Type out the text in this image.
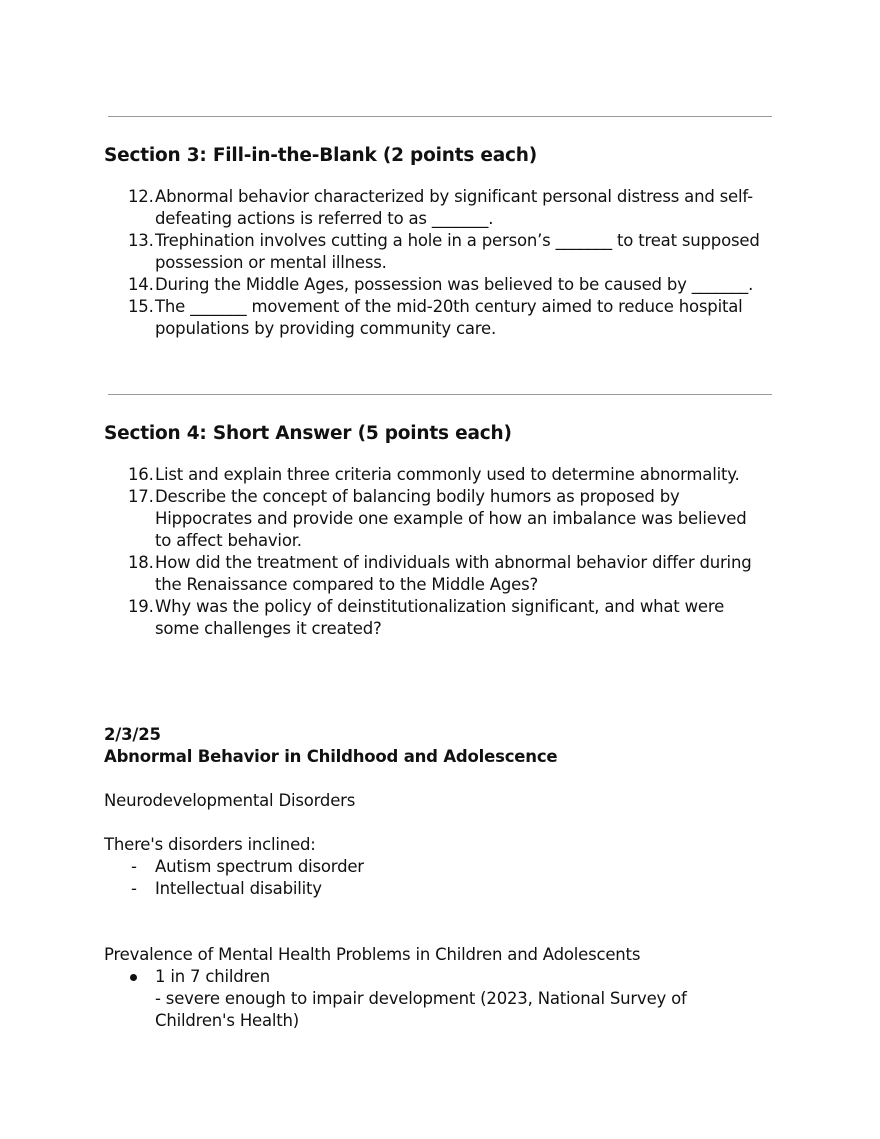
Section 3: Fill-in-the-Blank (2 points each)
12. Abnormal behavior characterized by significant personal distress and self-defeating actions is referred to as _______.
13. Trephination involves cutting a hole in a person’s _______ to treat supposed possession or mental illness.
14. During the Middle Ages, possession was believed to be caused by _______.
15. The _______ movement of the mid-20th century aimed to reduce hospital populations by providing community care.
Section 4: Short Answer (5 points each)
16. List and explain three criteria commonly used to determine abnormality.
17. Describe the concept of balancing bodily humors as proposed by Hippocrates and provide one example of how an imbalance was believed to affect behavior.
18. How did the treatment of individuals with abnormal behavior differ during the Renaissance compared to the Middle Ages?
19. Why was the policy of deinstitutionalization significant, and what were some challenges it created?
2/3/25
Abnormal Behavior in Childhood and Adolescence
Neurodevelopmental Disorders
There's disorders inclined:
- Autism spectrum disorder
- Intellectual disability
Prevalence of Mental Health Problems in Children and Adolescents
1 in 7 children
- severe enough to impair development (2023, National Survey of Children's Health)
